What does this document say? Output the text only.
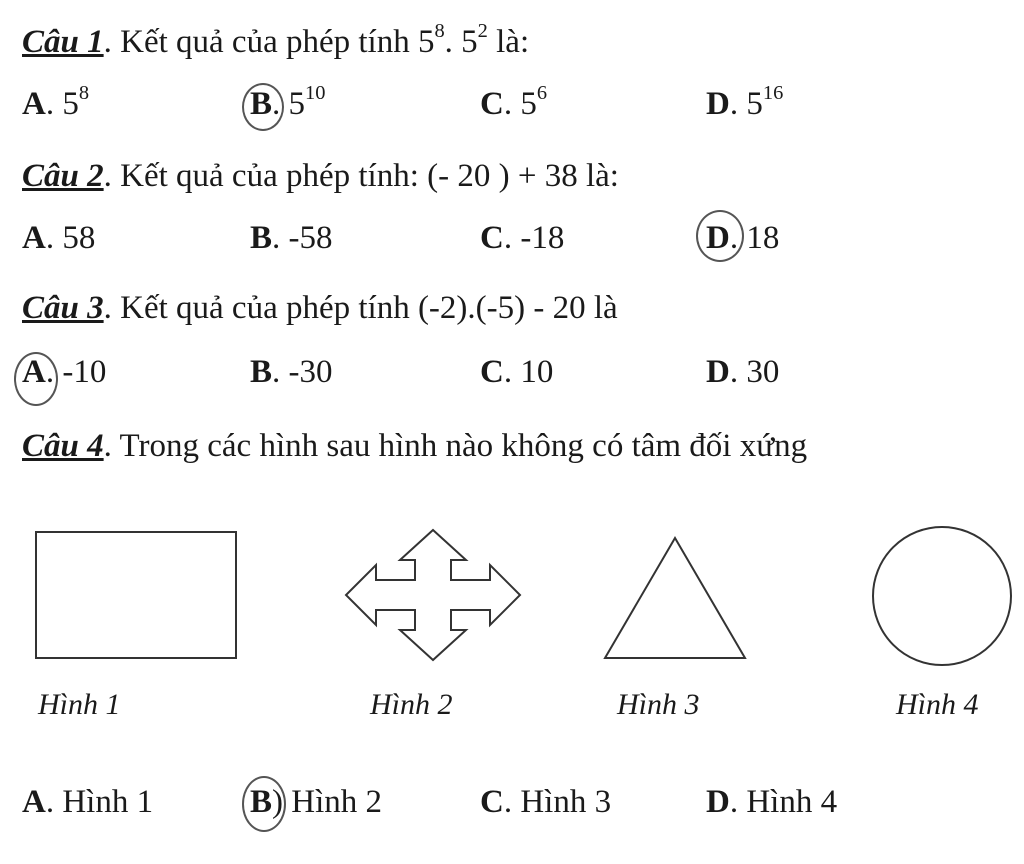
Câu 1. Kết quả của phép tính $5^8$. $5^2$ là:
A. $5^8$	B. $5^{10}$	C. $5^6$	D. $5^{16}$
Câu 2. Kết quả của phép tính: (- 20 ) + 38 là:
A. 58	B. -58	C. -18	D. 18
Câu 3. Kết quả của phép tính (-2).(-5) - 20 là
A. -10	B. -30	C. 10	D. 30
Câu 4. Trong các hình sau hình nào không có tâm đối xứng
Hình 1	Hình 2	Hình 3	Hình 4
A. Hình 1	B) Hình 2	C. Hình 3	D. Hình 4
